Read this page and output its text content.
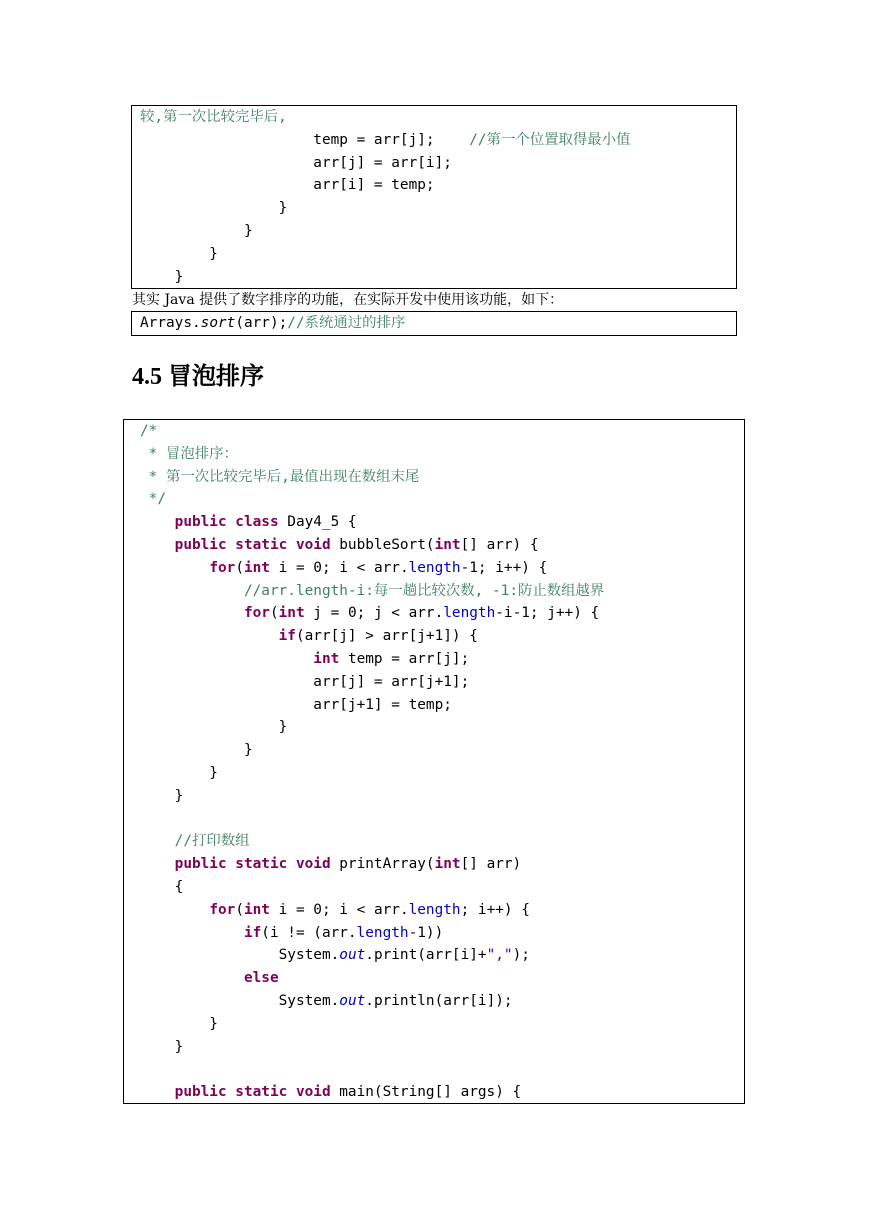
较,第一次比较完毕后,
temp = arr[j];    //第一个位置取得最小值
arr[j] = arr[i];
arr[i] = temp;
}
}
}
}
其实 Java 提供了数字排序的功能，在实际开发中使用该功能，如下：
Arrays.sort(arr);//系统通过的排序
4.5 冒泡排序
/*
* 冒泡排序：
* 第一次比较完毕后,最值出现在数组末尾
*/
public class Day4_5 {
public static void bubbleSort(int[] arr) {
for(int i = 0; i < arr.length-1; i++) {
//arr.length-i:每一趟比较次数, -1:防止数组越界
for(int j = 0; j < arr.length-i-1; j++) {
if(arr[j] > arr[j+1]) {
int temp = arr[j];
arr[j] = arr[j+1];
arr[j+1] = temp;
}
}
}
}
//打印数组
public static void printArray(int[] arr)
{
for(int i = 0; i < arr.length; i++) {
if(i != (arr.length-1))
System.out.print(arr[i]+",");
else
System.out.println(arr[i]);
}
}
public static void main(String[] args) {
